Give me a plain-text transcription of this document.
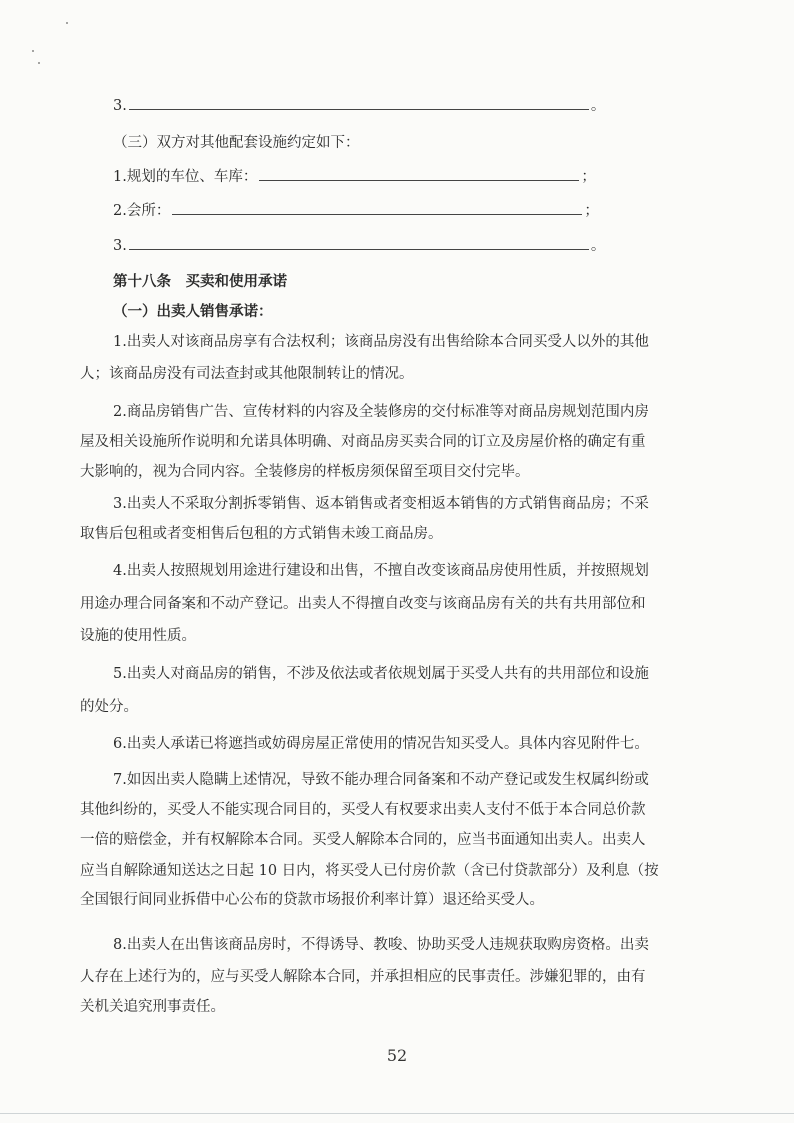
3.	。
（三）双方对其他配套设施约定如下：
1.规划的车位、车库：	；
2.会所：	；
3.	。
第十八条　买卖和使用承诺
（一）出卖人销售承诺：
1.出卖人对该商品房享有合法权利；该商品房没有出售给除本合同买受人以外的其他
人；该商品房没有司法查封或其他限制转让的情况。
2.商品房销售广告、宣传材料的内容及全装修房的交付标准等对商品房规划范围内房
屋及相关设施所作说明和允诺具体明确、对商品房买卖合同的订立及房屋价格的确定有重
大影响的，视为合同内容。全装修房的样板房须保留至项目交付完毕。
3.出卖人不采取分割拆零销售、返本销售或者变相返本销售的方式销售商品房；不采
取售后包租或者变相售后包租的方式销售未竣工商品房。
4.出卖人按照规划用途进行建设和出售，不擅自改变该商品房使用性质，并按照规划
用途办理合同备案和不动产登记。出卖人不得擅自改变与该商品房有关的共有共用部位和
设施的使用性质。
5.出卖人对商品房的销售，不涉及依法或者依规划属于买受人共有的共用部位和设施
的处分。
6.出卖人承诺已将遮挡或妨碍房屋正常使用的情况告知买受人。具体内容见附件七。
7.如因出卖人隐瞒上述情况，导致不能办理合同备案和不动产登记或发生权属纠纷或
其他纠纷的，买受人不能实现合同目的，买受人有权要求出卖人支付不低于本合同总价款
一倍的赔偿金，并有权解除本合同。买受人解除本合同的，应当书面通知出卖人。出卖人
应当自解除通知送达之日起 10 日内，将买受人已付房价款（含已付贷款部分）及利息（按
全国银行间同业拆借中心公布的贷款市场报价利率计算）退还给买受人。
8.出卖人在出售该商品房时，不得诱导、教唆、协助买受人违规获取购房资格。出卖
人存在上述行为的，应与买受人解除本合同，并承担相应的民事责任。涉嫌犯罪的，由有
关机关追究刑事责任。
52
